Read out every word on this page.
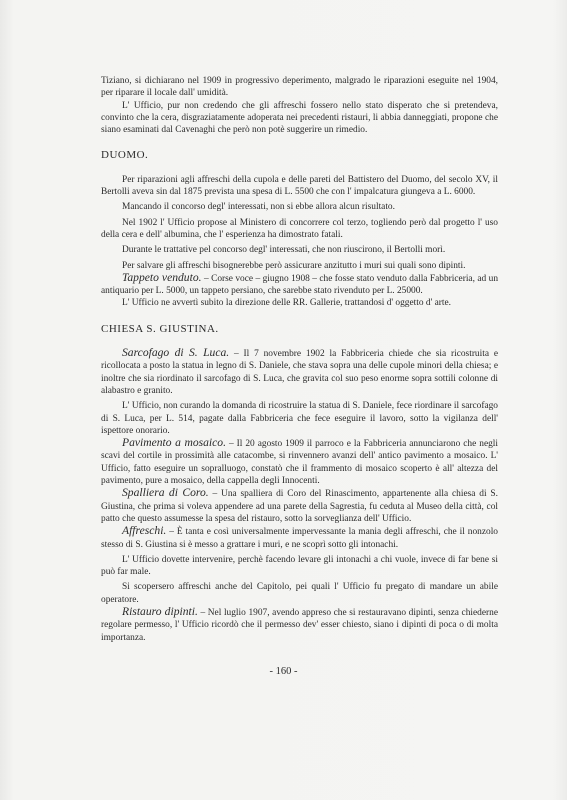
Tiziano, si dichiarano nel 1909 in progressivo deperimento, malgrado le riparazioni eseguite nel 1904, per riparare il locale dall' umidità.

L' Ufficio, pur non credendo che gli affreschi fossero nello stato disperato che si pretendeva, convinto che la cera, disgraziatamente adoperata nei precedenti ristauri, li abbia danneggiati, propone che siano esaminati dal Cavenaghi che però non potè suggerire un rimedio.

DUOMO.

Per riparazioni agli affreschi della cupola e delle pareti del Battistero del Duomo, del secolo XV, il Bertolli aveva sin dal 1875 prevista una spesa di L. 5500 che con l' impalcatura giungeva a L. 6000.

Mancando il concorso degl' interessati, non si ebbe allora alcun risultato.

Nel 1902 l' Ufficio propose al Ministero di concorrere col terzo, togliendo però dal progetto l' uso della cera e dell' albumina, che l' esperienza ha dimostrato fatali.

Durante le trattative pel concorso degl' interessati, che non riuscirono, il Bertolli morì.

Per salvare gli affreschi bisognerebbe però assicurare anzitutto i muri sui quali sono dipinti.

Tappeto venduto. – Corse voce – giugno 1908 – che fosse stato venduto dalla Fabbriceria, ad un antiquario per L. 5000, un tappeto persiano, che sarebbe stato rivenduto per L. 25000.

L' Ufficio ne avvertì subito la direzione delle RR. Gallerie, trattandosi d' oggetto d' arte.

CHIESA S. GIUSTINA.

Sarcofago di S. Luca. – Il 7 novembre 1902 la Fabbriceria chiede che sia ricostruita e ricollocata a posto la statua in legno di S. Daniele, che stava sopra una delle cupole minori della chiesa; e inoltre che sia riordinato il sarcofago di S. Luca, che gravita col suo peso enorme sopra sottili colonne di alabastro e granito.

L' Ufficio, non curando la domanda di ricostruire la statua di S. Daniele, fece riordinare il sarcofago di S. Luca, per L. 514, pagate dalla Fabbriceria che fece eseguire il lavoro, sotto la vigilanza dell' ispettore onorario.

Pavimento a mosaico. – Il 20 agosto 1909 il parroco e la Fabbriceria annunciarono che negli scavi del cortile in prossimità alle catacombe, si rinvennero avanzi dell' antico pavimento a mosaico. L' Ufficio, fatto eseguire un sopralluogo, constatò che il frammento di mosaico scoperto è all' altezza del pavimento, pure a mosaico, della cappella degli Innocenti.

Spalliera di Coro. – Una spalliera di Coro del Rinascimento, appartenente alla chiesa di S. Giustina, che prima si voleva appendere ad una parete della Sagrestia, fu ceduta al Museo della città, col patto che questo assumesse la spesa del ristauro, sotto la sorveglianza dell' Ufficio.

Affreschi. – È tanta e così universalmente impervessante la mania degli affreschi, che il nonzolo stesso di S. Giustina si è messo a grattare i muri, e ne scoprì sotto gli intonachi.

L' Ufficio dovette intervenire, perchè facendo levare gli intonachi a chi vuole, invece di far bene si può far male.

Si scopersero affreschi anche del Capitolo, pei quali l' Ufficio fu pregato di mandare un abile operatore.

Ristauro dipinti. – Nel luglio 1907, avendo appreso che si restauravano dipinti, senza chiederne regolare permesso, l' Ufficio ricordò che il permesso dev' esser chiesto, siano i dipinti di poca o di molta importanza.

- 160 -
